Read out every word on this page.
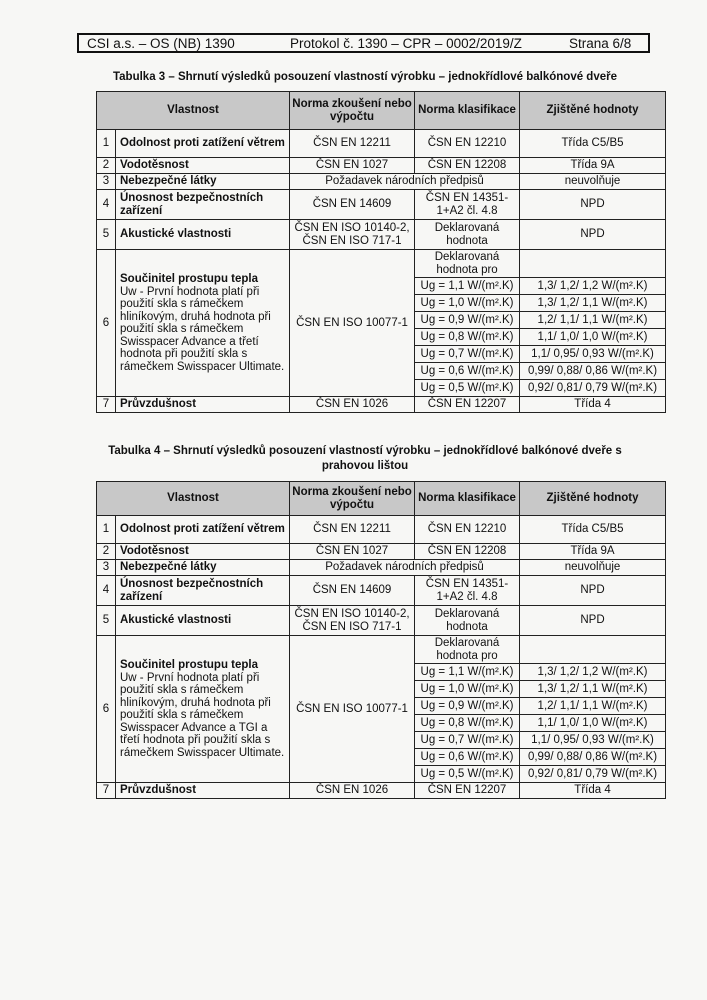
CSI a.s. – OS (NB) 1390	Protokol č. 1390 – CPR – 0002/2019/Z	Strana 6/8
Tabulka 3 – Shrnutí výsledků posouzení vlastností výrobku – jednokřídlové balkónové dveře
Vlastnost		Norma zkoušení nebo výpočtu	Norma klasifikace	Zjištěné hodnoty
1	Odolnost proti zatížení větrem	ČSN EN 12211	ČSN EN 12210	Třída C5/B5
2	Vodotěsnost	ČSN EN 1027	ČSN EN 12208	Třída 9A
3	Nebezpečné látky	Požadavek národních předpisů		neuvolňuje
4	Únosnost bezpečnostních zařízení	ČSN EN 14609	ČSN EN 14351-1+A2 čl. 4.8	NPD
5	Akustické vlastnosti	ČSN EN ISO 10140-2, ČSN EN ISO 717-1	Deklarovaná hodnota	NPD
6	Součinitel prostupu tepla
Uw - První hodnota platí při použití skla s rámečkem hliníkovým, druhá hodnota při použití skla s rámečkem Swisspacer Advance a třetí hodnota při použití skla s rámečkem Swisspacer Ultimate.	ČSN EN ISO 10077-1	Deklarovaná hodnota pro	
			Ug = 1,1 W/(m².K)	1,3/ 1,2/ 1,2 W/(m².K)
			Ug = 1,0 W/(m².K)	1,3/ 1,2/ 1,1 W/(m².K)
			Ug = 0,9 W/(m².K)	1,2/ 1,1/ 1,1 W/(m².K)
			Ug = 0,8 W/(m².K)	1,1/ 1,0/ 1,0 W/(m².K)
			Ug = 0,7 W/(m².K)	1,1/ 0,95/ 0,93 W/(m².K)
			Ug = 0,6 W/(m².K)	0,99/ 0,88/ 0,86 W/(m².K)
			Ug = 0,5 W/(m².K)	0,92/ 0,81/ 0,79 W/(m².K)
7	Průvzdušnost	ČSN EN 1026	ČSN EN 12207	Třída 4
Tabulka 4 – Shrnutí výsledků posouzení vlastností výrobku – jednokřídlové balkónové dveře s prahovou lištou
Vlastnost		Norma zkoušení nebo výpočtu	Norma klasifikace	Zjištěné hodnoty
1	Odolnost proti zatížení větrem	ČSN EN 12211	ČSN EN 12210	Třída C5/B5
2	Vodotěsnost	ČSN EN 1027	ČSN EN 12208	Třída 9A
3	Nebezpečné látky	Požadavek národních předpisů		neuvolňuje
4	Únosnost bezpečnostních zařízení	ČSN EN 14609	ČSN EN 14351-1+A2 čl. 4.8	NPD
5	Akustické vlastnosti	ČSN EN ISO 10140-2, ČSN EN ISO 717-1	Deklarovaná hodnota	NPD
6	Součinitel prostupu tepla
Uw - První hodnota platí při použití skla s rámečkem hliníkovým, druhá hodnota při použití skla s rámečkem Swisspacer Advance a TGI a třetí hodnota při použití skla s rámečkem Swisspacer Ultimate.	ČSN EN ISO 10077-1	Deklarovaná hodnota pro	
			Ug = 1,1 W/(m².K)	1,3/ 1,2/ 1,2 W/(m².K)
			Ug = 1,0 W/(m².K)	1,3/ 1,2/ 1,1 W/(m².K)
			Ug = 0,9 W/(m².K)	1,2/ 1,1/ 1,1 W/(m².K)
			Ug = 0,8 W/(m².K)	1,1/ 1,0/ 1,0 W/(m².K)
			Ug = 0,7 W/(m².K)	1,1/ 0,95/ 0,93 W/(m².K)
			Ug = 0,6 W/(m².K)	0,99/ 0,88/ 0,86 W/(m².K)
			Ug = 0,5 W/(m².K)	0,92/ 0,81/ 0,79 W/(m².K)
7	Průvzdušnost	ČSN EN 1026	ČSN EN 12207	Třída 4
